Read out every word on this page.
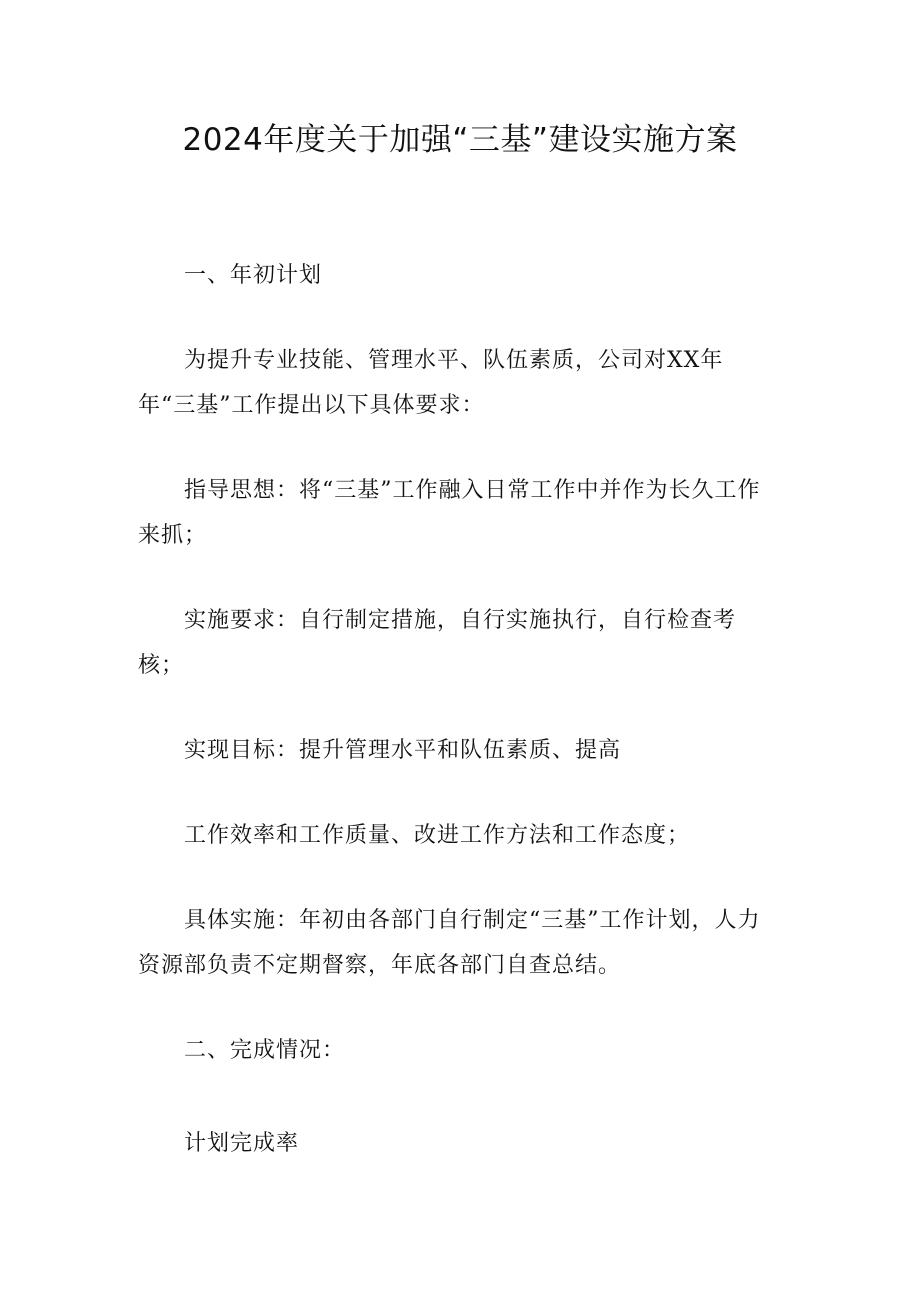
2024年度关于加强“三基”建设实施方案

一、年初计划

为提升专业技能、管理水平、队伍素质，公司对XX年年“三基”工作提出以下具体要求：

指导思想：将“三基”工作融入日常工作中并作为长久工作来抓；

实施要求：自行制定措施，自行实施执行，自行检查考核；

实现目标：提升管理水平和队伍素质、提高

工作效率和工作质量、改进工作方法和工作态度；

具体实施：年初由各部门自行制定“三基”工作计划，人力资源部负责不定期督察，年底各部门自查总结。

二、完成情况：

计划完成率
